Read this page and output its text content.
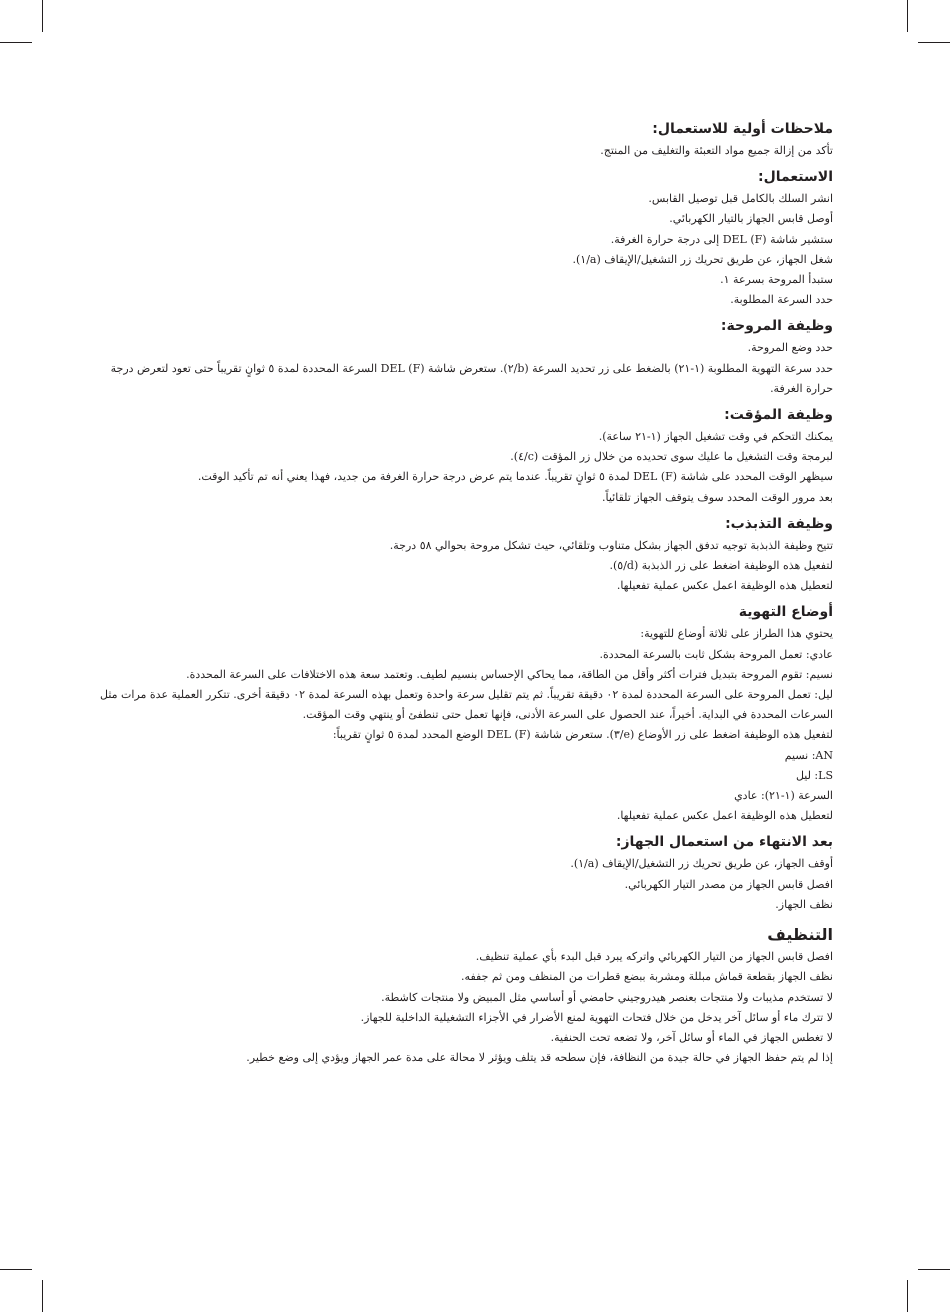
ملاحظات أولية للاستعمال:

تأكد من إزالة جميع مواد التعبئة والتغليف من المنتج.

الاستعمال:

انشر السلك بالكامل قبل توصيل القابس.

أوصل قابس الجهاز بالتيار الكهربائي.

ستشير شاشة DEL (F) إلى درجة حرارة الغرفة.

شغل الجهاز، عن طريق تحريك زر التشغيل/الإيقاف (a/١).

ستبدأ المروحة بسرعة ١.

حدد السرعة المطلوبة.

وظيفة المروحة:

حدد وضع المروحة.

حدد سرعة التهوية المطلوبة (١-٢١) بالضغط على زر تحديد السرعة (b/٢). ستعرض شاشة DEL (F) السرعة المحددة لمدة ٥ ثوانٍ تقريباً حتى تعود لتعرض درجة حرارة الغرفة.

وظيفة المؤقت:

يمكنك التحكم في وقت تشغيل الجهاز (١-٢١ ساعة).

لبرمجة وقت التشغيل ما عليك سوى تحديده من خلال زر المؤقت (c/٤).

سيظهر الوقت المحدد على شاشة DEL (F) لمدة ٥ ثوانٍ تقريباً. عندما يتم عرض درجة حرارة الغرفة من جديد، فهذا يعني أنه تم تأكيد الوقت.

بعد مرور الوقت المحدد سوف يتوقف الجهاز تلقائياً.

وظيفة التذبذب:

تتيح وظيفة الذبذبة توجيه تدفق الجهاز بشكل متناوب وتلقائي، حيث تشكل مروحة بحوالي ٥٨ درجة.

لتفعيل هذه الوظيفة اضغط على زر الذبذبة (d/٥).

لتعطيل هذه الوظيفة اعمل عكس عملية تفعيلها.

أوضاع التهوية

يحتوي هذا الطراز على ثلاثة أوضاع للتهوية:

عادي: تعمل المروحة بشكل ثابت بالسرعة المحددة.

نسيم: تقوم المروحة بتبديل فترات أكثر وأقل من الطاقة، مما يحاكي الإحساس بنسيم لطيف. وتعتمد سعة هذه الاختلافات على السرعة المحددة.

ليل: تعمل المروحة على السرعة المحددة لمدة ٠٢ دقيقة تقريباً. ثم يتم تقليل سرعة واحدة وتعمل بهذه السرعة لمدة ٠٢ دقيقة أخرى. تتكرر العملية عدة مرات مثل السرعات المحددة في البداية. أخيراً، عند الحصول على السرعة الأدنى، فإنها تعمل حتى تنطفئ أو ينتهي وقت المؤقت.

لتفعيل هذه الوظيفة اضغط على زر الأوضاع (e/٣). ستعرض شاشة DEL (F) الوضع المحدد لمدة ٥ ثوانٍ تقريباً:

AN: نسيم

LS: ليل

السرعة (١-٢١): عادي

لتعطيل هذه الوظيفة اعمل عكس عملية تفعيلها.

بعد الانتهاء من استعمال الجهاز:

أوقف الجهاز، عن طريق تحريك زر التشغيل/الإيقاف (a/١).

افصل قابس الجهاز من مصدر التيار الكهربائي.

نظف الجهاز.

التنظيف

افصل قابس الجهاز من التيار الكهربائي واتركه يبرد قبل البدء بأي عملية تنظيف.

نظف الجهاز بقطعة قماش مبللة ومشربة ببضع قطرات من المنظف ومن ثم جففه.

لا تستخدم مذيبات ولا منتجات بعنصر هيدروجيني حامضي أو أساسي مثل المبيض ولا منتجات كاشطة.

لا تترك ماء أو سائل آخر يدخل من خلال فتحات التهوية لمنع الأضرار في الأجزاء التشغيلية الداخلية للجهاز.

لا تغطس الجهاز في الماء أو سائل آخر، ولا تضعه تحت الحنفية.

إذا لم يتم حفظ الجهاز في حالة جيدة من النظافة، فإن سطحه قد يتلف ويؤثر لا محالة على مدة عمر الجهاز ويؤدي إلى وضع خطير.
